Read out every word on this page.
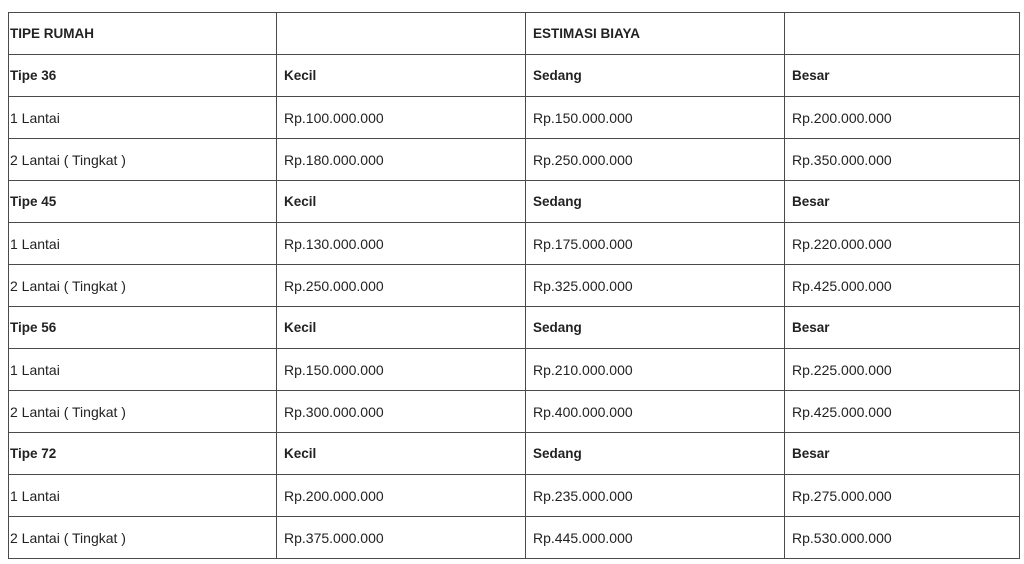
TIPE RUMAH		ESTIMASI BIAYA	
Tipe 36	Kecil	Sedang	Besar
1 Lantai	Rp.100.000.000	Rp.150.000.000	Rp.200.000.000
2 Lantai ( Tingkat )	Rp.180.000.000	Rp.250.000.000	Rp.350.000.000
Tipe 45	Kecil	Sedang	Besar
1 Lantai	Rp.130.000.000	Rp.175.000.000	Rp.220.000.000
2 Lantai ( Tingkat )	Rp.250.000.000	Rp.325.000.000	Rp.425.000.000
Tipe 56	Kecil	Sedang	Besar
1 Lantai	Rp.150.000.000	Rp.210.000.000	Rp.225.000.000
2 Lantai ( Tingkat )	Rp.300.000.000	Rp.400.000.000	Rp.425.000.000
Tipe 72	Kecil	Sedang	Besar
1 Lantai	Rp.200.000.000	Rp.235.000.000	Rp.275.000.000
2 Lantai ( Tingkat )	Rp.375.000.000	Rp.445.000.000	Rp.530.000.000
